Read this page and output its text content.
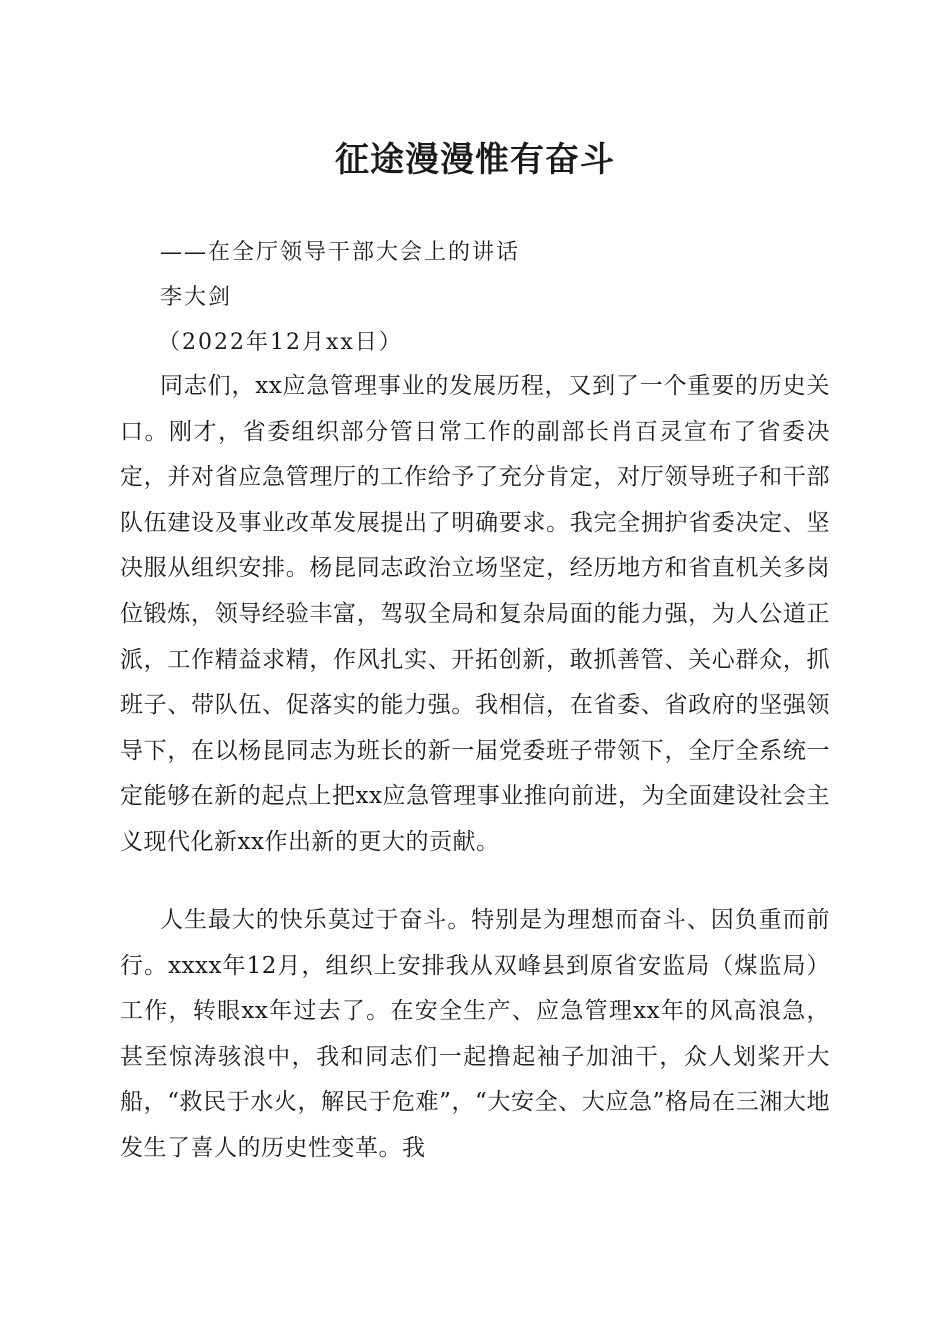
征途漫漫惟有奋斗
——在全厅领导干部大会上的讲话
李大剑
（2022年12月xx日）

同志们，xx应急管理事业的发展历程，又到了一个重要的历史关口。刚才，省委组织部分管日常工作的副部长肖百灵宣布了省委决定，并对省应急管理厅的工作给予了充分肯定，对厅领导班子和干部队伍建设及事业改革发展提出了明确要求。我完全拥护省委决定、坚决服从组织安排。杨昆同志政治立场坚定，经历地方和省直机关多岗位锻炼，领导经验丰富，驾驭全局和复杂局面的能力强，为人公道正派，工作精益求精，作风扎实、开拓创新，敢抓善管、关心群众，抓班子、带队伍、促落实的能力强。我相信，在省委、省政府的坚强领导下，在以杨昆同志为班长的新一届党委班子带领下，全厅全系统一定能够在新的起点上把xx应急管理事业推向前进，为全面建设社会主义现代化新xx作出新的更大的贡献。

人生最大的快乐莫过于奋斗。特别是为理想而奋斗、因负重而前行。xxxx年12月，组织上安排我从双峰县到原省安监局（煤监局）工作，转眼xx年过去了。在安全生产、应急管理xx年的风高浪急，甚至惊涛骇浪中，我和同志们一起撸起袖子加油干，众人划桨开大船，“救民于水火，解民于危难”，“大安全、大应急”格局在三湘大地发生了喜人的历史性变革。我
